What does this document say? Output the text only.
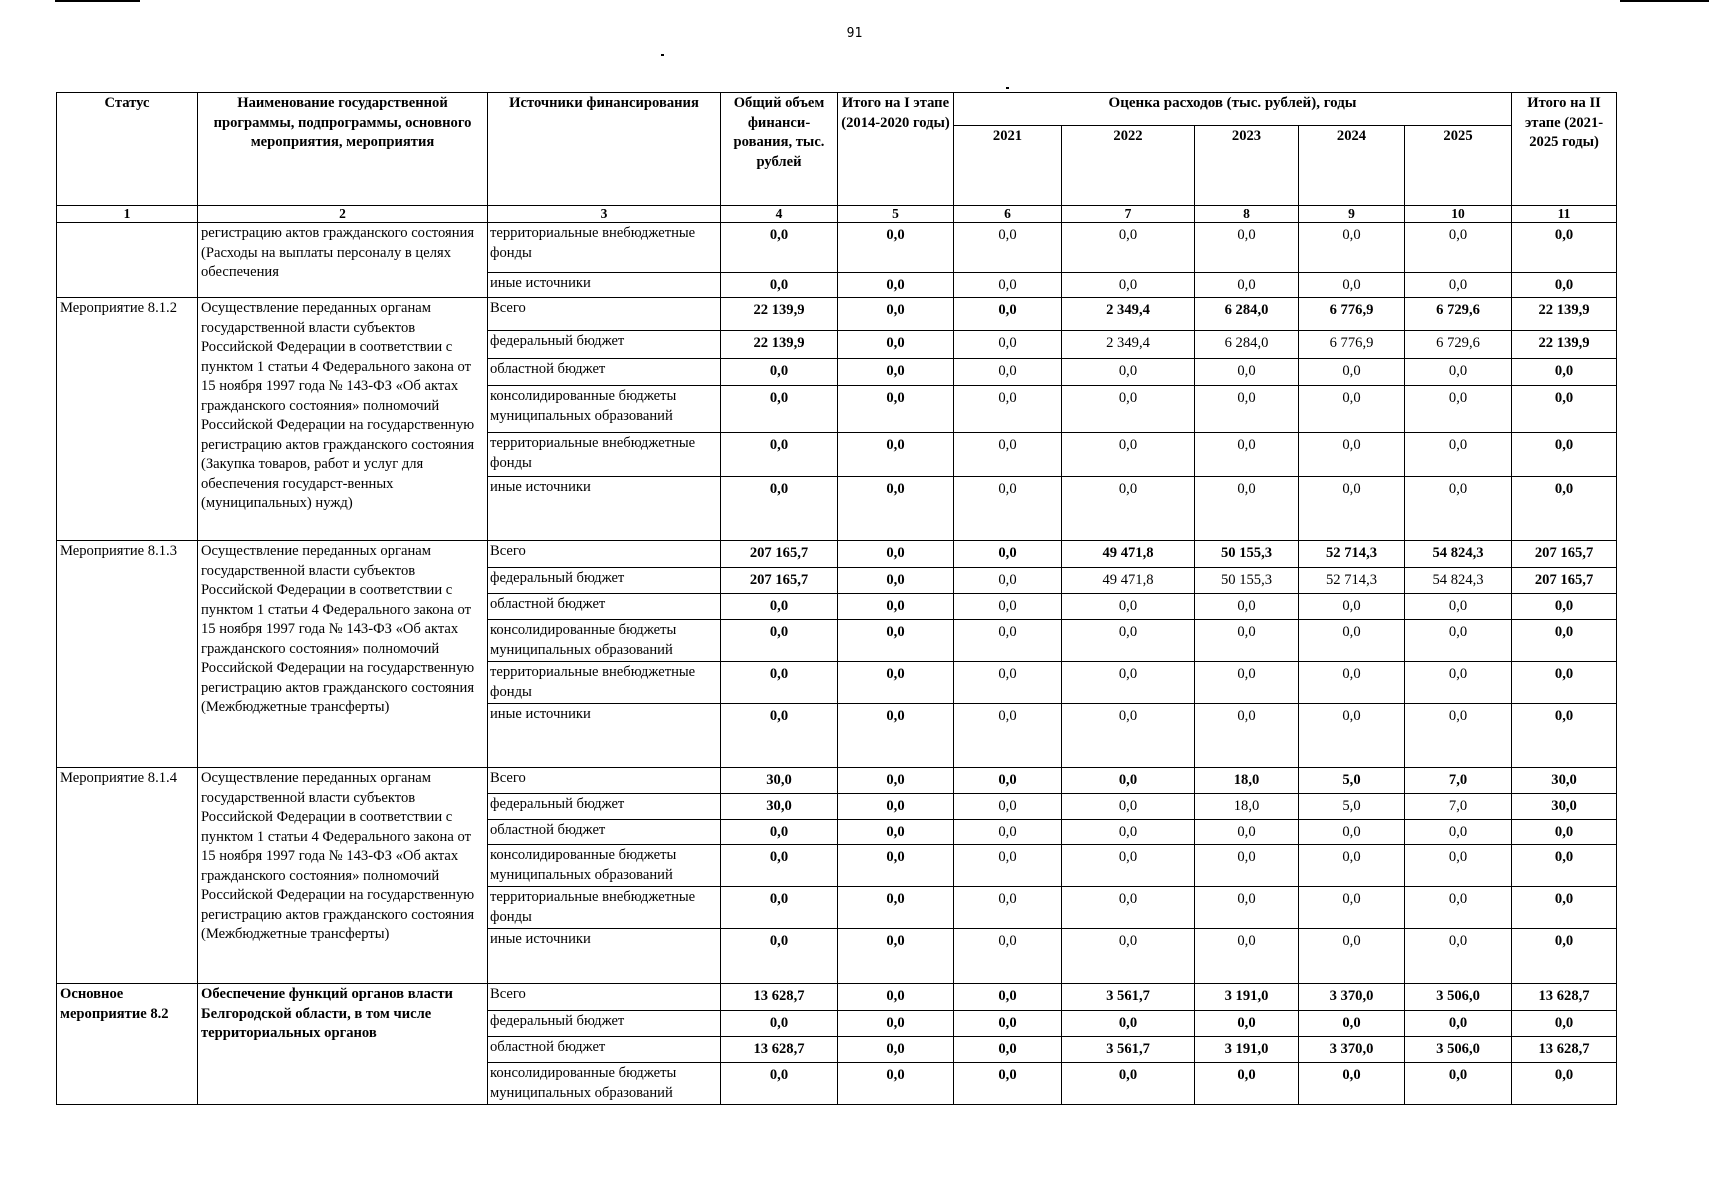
91
Статус	Наименование государственной программы, подпрограммы, основного мероприятия, мероприятия	Источники финансирования	Общий объем финанси-рования, тыс. рублей	Итого на I этапе (2014-2020 годы)	Оценка расходов (тыс. рублей), годы					Итого на II этапе (2021-2025 годы)
					2021	2022	2023	2024	2025	
1	2	3	4	5	6	7	8	9	10	11
	регистрацию актов гражданского состояния (Расходы на выплаты персоналу в целях обеспечения	территориальные внебюджетные фонды	0,0	0,0	0,0	0,0	0,0	0,0	0,0	0,0
		иные источники	0,0	0,0	0,0	0,0	0,0	0,0	0,0	0,0
Мероприятие 8.1.2	Осуществление переданных органам государственной власти субъектов Российской Федерации в соответствии с пунктом 1 статьи 4 Федерального закона от 15 ноября 1997 года № 143-ФЗ «Об актах гражданского состояния» полномочий Российской Федерации на государственную регистрацию актов гражданского состояния (Закупка товаров, работ и услуг для обеспечения государст-венных (муниципальных) нужд)	Всего	22 139,9	0,0	0,0	2 349,4	6 284,0	6 776,9	6 729,6	22 139,9
		федеральный бюджет	22 139,9	0,0	0,0	2 349,4	6 284,0	6 776,9	6 729,6	22 139,9
		областной бюджет	0,0	0,0	0,0	0,0	0,0	0,0	0,0	0,0
		консолидированные бюджеты муниципальных образований	0,0	0,0	0,0	0,0	0,0	0,0	0,0	0,0
		территориальные внебюджетные фонды	0,0	0,0	0,0	0,0	0,0	0,0	0,0	0,0
		иные источники	0,0	0,0	0,0	0,0	0,0	0,0	0,0	0,0
Мероприятие 8.1.3	Осуществление переданных органам государственной власти субъектов Российской Федерации в соответствии с пунктом 1 статьи 4 Федерального закона от 15 ноября 1997 года № 143-ФЗ «Об актах гражданского состояния» полномочий Российской Федерации на государственную регистрацию актов гражданского состояния (Межбюджетные трансферты)	Всего	207 165,7	0,0	0,0	49 471,8	50 155,3	52 714,3	54 824,3	207 165,7
		федеральный бюджет	207 165,7	0,0	0,0	49 471,8	50 155,3	52 714,3	54 824,3	207 165,7
		областной бюджет	0,0	0,0	0,0	0,0	0,0	0,0	0,0	0,0
		консолидированные бюджеты муниципальных образований	0,0	0,0	0,0	0,0	0,0	0,0	0,0	0,0
		территориальные внебюджетные фонды	0,0	0,0	0,0	0,0	0,0	0,0	0,0	0,0
		иные источники	0,0	0,0	0,0	0,0	0,0	0,0	0,0	0,0
Мероприятие 8.1.4	Осуществление переданных органам государственной власти субъектов Российской Федерации в соответствии с пунктом 1 статьи 4 Федерального закона от 15 ноября 1997 года № 143-ФЗ «Об актах гражданского состояния» полномочий Российской Федерации на государственную регистрацию актов гражданского состояния (Межбюджетные трансферты)	Всего	30,0	0,0	0,0	0,0	18,0	5,0	7,0	30,0
		федеральный бюджет	30,0	0,0	0,0	0,0	18,0	5,0	7,0	30,0
		областной бюджет	0,0	0,0	0,0	0,0	0,0	0,0	0,0	0,0
		консолидированные бюджеты муниципальных образований	0,0	0,0	0,0	0,0	0,0	0,0	0,0	0,0
		территориальные внебюджетные фонды	0,0	0,0	0,0	0,0	0,0	0,0	0,0	0,0
		иные источники	0,0	0,0	0,0	0,0	0,0	0,0	0,0	0,0
Основное мероприятие 8.2	Обеспечение функций органов власти Белгородской области, в том числе территориальных органов	Всего	13 628,7	0,0	0,0	3 561,7	3 191,0	3 370,0	3 506,0	13 628,7
		федеральный бюджет	0,0	0,0	0,0	0,0	0,0	0,0	0,0	0,0
		областной бюджет	13 628,7	0,0	0,0	3 561,7	3 191,0	3 370,0	3 506,0	13 628,7
		консолидированные бюджеты муниципальных образований	0,0	0,0	0,0	0,0	0,0	0,0	0,0	0,0
